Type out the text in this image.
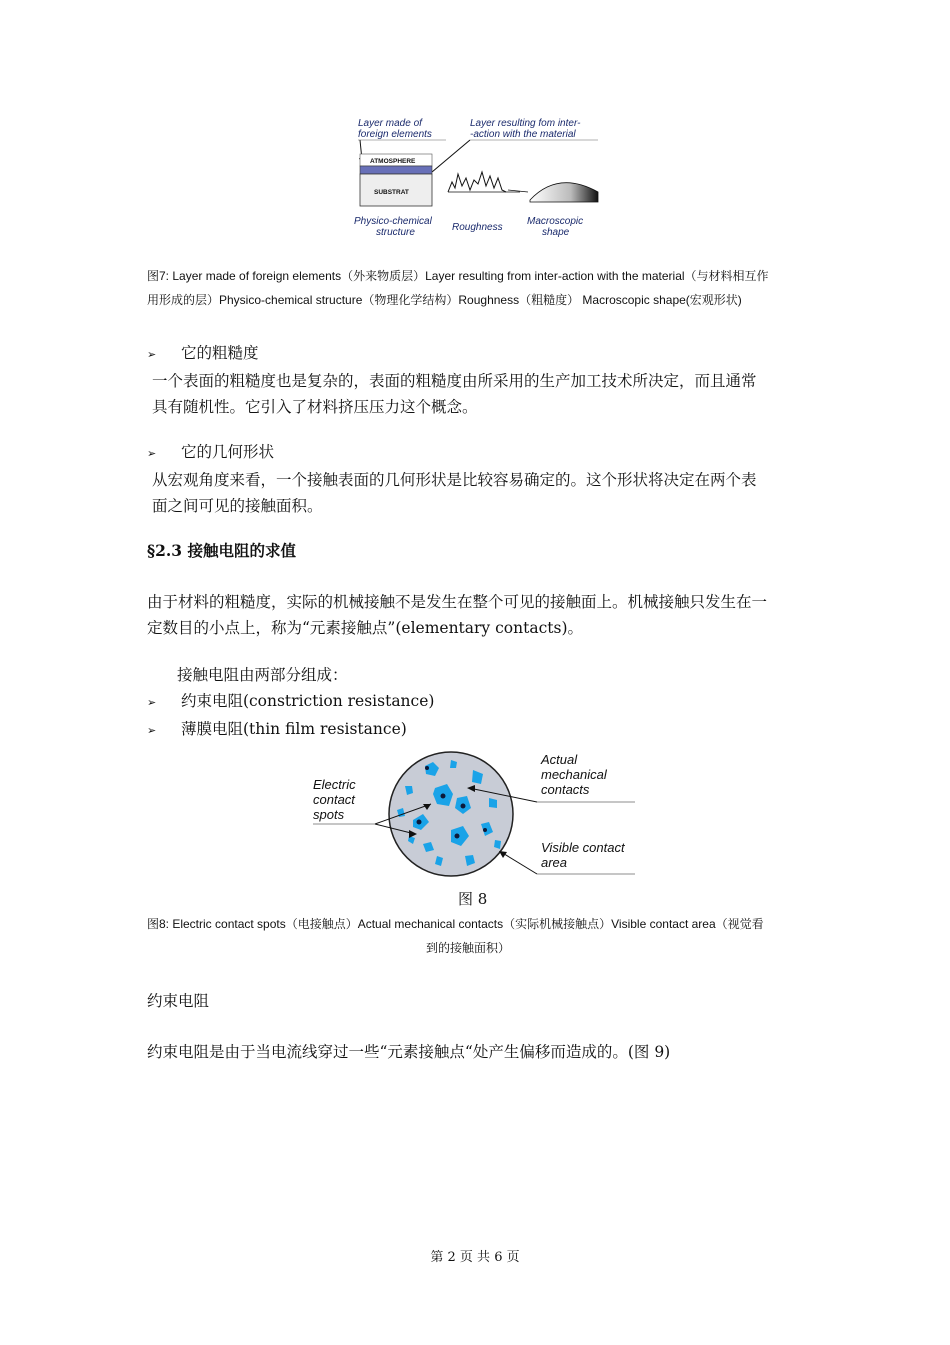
Layer made of
foreign elements
Layer resulting fom inter-
-action with the material
ATMOSPHERE
SUBSTRAT
Physico-chemical
structure	Roughness
Macroscopic
shape
图7: Layer made of foreign elements（外来物质层）Layer resulting from inter-action with the material（与材料相互作
用形成的层）Physico-chemical structure（物理化学结构）Roughness（粗糙度） Macroscopic shape(宏观形状)
➢ 它的粗糙度
一个表面的粗糙度也是复杂的，表面的粗糙度由所采用的生产加工技术所决定，而且通常
具有随机性。它引入了材料挤压压力这个概念。
➢ 它的几何形状
从宏观角度来看，一个接触表面的几何形状是比较容易确定的。这个形状将决定在两个表
面之间可见的接触面积。
§2.3 接触电阻的求值
由于材料的粗糙度，实际的机械接触不是发生在整个可见的接触面上。机械接触只发生在一
定数目的小点上，称为“元素接触点”(elementary contacts)。
接触电阻由两部分组成：
➢ 约束电阻(constriction resistance)
➢ 薄膜电阻(thin film resistance)
Electric
contact
spots
Actual
mechanical
contacts
Visible contact
area
图 8
图8: Electric contact spots（电接触点）Actual mechanical contacts（实际机械接触点）Visible contact area（视觉看
到的接触面积）
约束电阻
约束电阻是由于当电流线穿过一些“元素接触点“处产生偏移而造成的。(图 9)
第 2 页 共 6 页
